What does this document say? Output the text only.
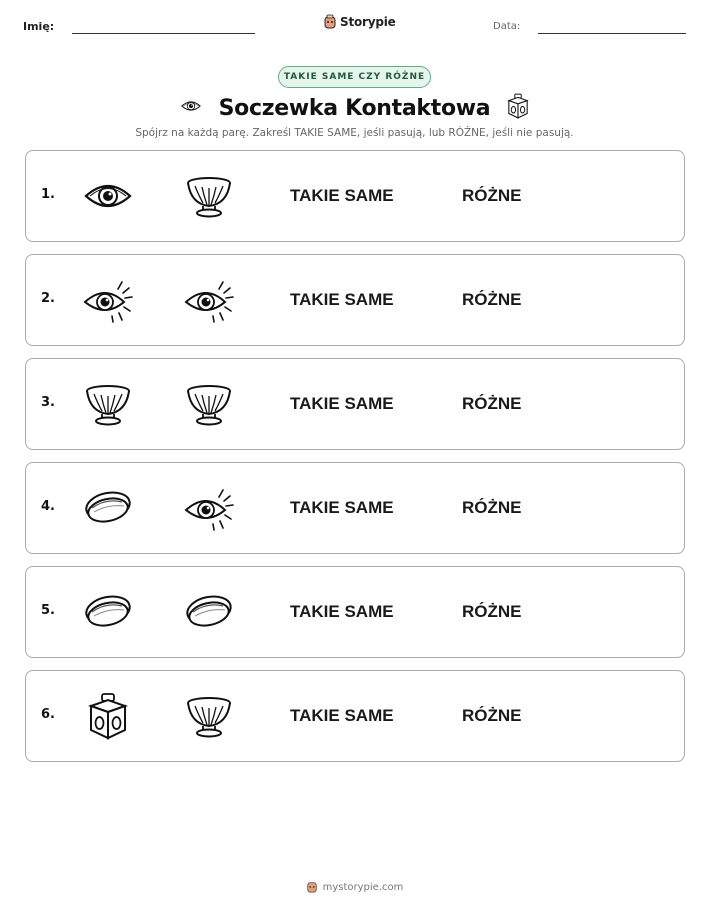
Imię:	Storypie	Data:
TAKIE SAME CZY RÓŻNE
Soczewka Kontaktowa
Spójrz na każdą parę. Zakreśl TAKIE SAME, jeśli pasują, lub RÓŻNE, jeśli nie pasują.
1.	TAKIE SAME	RÓŻNE
2.	TAKIE SAME	RÓŻNE
3.	TAKIE SAME	RÓŻNE
4.	TAKIE SAME	RÓŻNE
5.	TAKIE SAME	RÓŻNE
6.	TAKIE SAME	RÓŻNE
mystorypie.com
